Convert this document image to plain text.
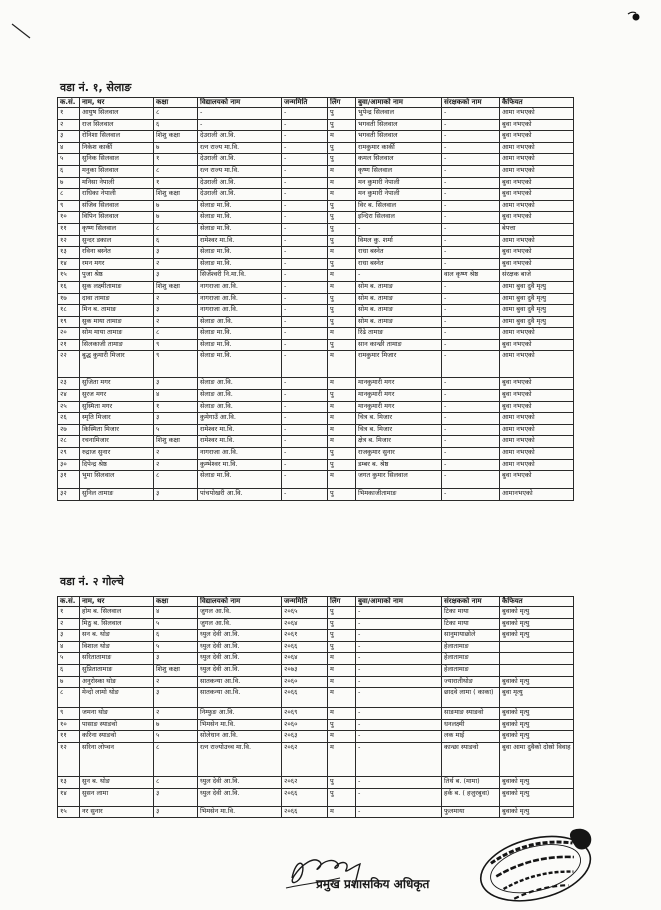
वडा नं. १, सेलाङ
क.सं.	नाम, थर	कक्षा	विद्यालयको नाम	जन्ममिति	लिंग	बुवा/आमाको नाम	संरक्षकको नाम	कैफियत
१	आयुष सिलवाल	८	-	-	पु	भुपेन्द्र सिलवाल	-	आमा नभएको
२	राज सिलवाल	६	-	-	पु	भगवती सिलवाल	-	बुवा नभएको
३	रोनिशा सिलवाल	शिशु कक्षा	देउराली आ.वि.	-	म	भगवती सिलवाल	-	बुवा नभएको
४	निकेश कार्की	७	रत्न राज्य मा.वि.	-	पु	रामकुमार कार्की	-	आमा नभएको
५	सुनिक सिलवाल	१	देउराली आ.वि.	-	पु	कमल सिलवाल	-	आमा नभएको
६	मनुका सिलवाल	८	रत्न राज्य मा.वि.	-	म	कृष्ण सिलवाल	-	आमा नभएको
७	मनिसा नेपाली	१	देउराली आ.वि.	-	म	मन कुमारी नेपाली	-	बुवा नभएको
८	राधिका नेपाली	शिशु कक्षा	देउराली आ.वि.	-	म	मन कुमारी नेपाली	-	बुवा नभएको
९	संजिव सिलवाल	७	सेलाङ मा.वि.	-	पु	विर ब. सिलवाल	-	आमा नभएको
१०	विपिन सिलवाल	७	सेलाङ मा.वि.	-	पु	इन्दिरा सिलवाल	-	बुवा नभएको
११	कृष्ण सिलवाल	८	सेलाङ मा.वि.	-	पु	-	-	बेपत्ता
१२	सुन्दर डकाल	६	रामेश्वर मा.वि.	-	पु	विमल कु. शर्मा	-	आमा नभएको
१३	रविना बस्नेत	३	सेलाङ मा.वि.	-	म	राधा बस्नेत	-	बुवा नभएको
१४	रमन मगर	२	सेलाङ मा.वि.	-	पु	राधा बस्नेत	-	बुवा नभएको
१५	पुजा श्रेष्ठ	३	सिर्जेश्वरी नि.मा.वि.	-	म	-	वाल कृष्ण श्रेष्ठ	संरक्षक बाजे
१६	सुक लक्ष्मीतामाङ	शिशु कक्षा	नागराजा आ.वि.	-	म	सोम ब. तामाङ	-	आमा बुवा दुवै मृत्यु
१७	दावा तामाङ	२	नागराजा आ.वि.	-	पु	सोम ब. तामाङ	-	आमा बुवा दुवै मृत्यु
१८	मिन ब. तामाङ	३	नागराजा आ.वि.	-	पु	सोम ब. तामाङ	-	आमा बुवा दुवै मृत्यु
१९	सुक माया तामाङ	२	सेलाङ आ.वि.	-	पु	सोम ब. तामाङ	-	आमा बुवा दुवै मृत्यु
२०	सोम माया तामाङ	८	सेलाङ मा.वि.	-	म	रिंढे तामाङ	-	आमा नभएको
२१	सिलकाजी तामाङ	९	सेलाङ मा.वि.	-	पु	सान कान्छी तामाङ	-	बुवा नभएको
२२	बुद्ध कुमारी मिजार	९	सेलाङ मा.वि.	-	म	रामकुमार मिजार	-	आमा नभएको
२३	सुजिता मगर	३	सेलाङ आ.वि.	-	म	मानकुमारी मगर	-	बुवा नभएको
२४	सुरज मगर	४	सेलाङ आ.वि.	-	पु	मानकुमारी मगर	-	बुवा नभएको
२५	सुस्मिता मगर	१	सेलाङ आ.वि.	-	म	मानकुमारी मगर	-	बुवा नभएको
२६	स्मृति मिजार	३	कुमेगाउँ आ.वि.	-	म	चित्र ब. मिजार	-	आमा नभएको
२७	किस्मिता मिजार	५	रामेश्वर मा.वि.	-	म	चित्र ब. मिजार	-	आमा नभएको
२८	रचनामिजार	शिशु कक्षा	रामेश्वर मा.वि.	-	म	क्षेत्र ब. मिजार	-	आमा नभएको
२९	रुद्राज सुनार	२	नागराजा आ.वि.	-	पु	राजकुमार सुनार	-	आमा नभएको
३०	दिपेन्द्र श्रेष्ठ	२	कुम्भेश्वर मा.वि.	-	पु	डम्बर ब. श्रेष्ठ	-	आमा नभएको
३१	भुमा सिलवाल	८	सेलाङ मा.वि.	-	म	जगत कुमार सिलवाल	-	बुवा नभएको
३२	सुनिल तामाङ	३	पांचपोखरी आ.वि.	-	पु	भिमकाजीतामाङ	-	आमानभएको
वडा नं. २ गोल्चे
क.सं.	नाम, थर	कक्षा	विद्यालयको नाम	जन्ममिति	लिंग	बुवा/आमाको नाम	संरक्षकको नाम	कैफियत
१	होम ब. सिलवाल	४	जुगल आ.वि.	२०६५	पु	-	टिका माया	बुवाको मृत्यु
२	मिठु ब. सिलवाल	५	जुगल आ.वि.	२०६४	पु	-	टिका माया	बुवाको मृत्यु
३	सन ब. थोङ	६	ध्युल देवी आ.वि.	२०६१	पु	-	सानुमायाछोले	बुवाको मृत्यु
४	विशाल थोङ	५	ध्युल देवी आ.वि.	२०६६	पु	-	हेलातामाङ	
५	सरितातामाङ	३	ध्युल देवी आ.वि.	२०६४	म	-	हेलातामाङ	
६	सुप्रितातामाङ	शिशु कक्षा	ध्युल देवी आ.वि.	२०७३	म	-	हेलातामाङ	
७	अनुरोस्का थोङ	२	सातकन्या आ.वि.	२०६०	म	-	ज्यारातीथोङ	बुवाको मृत्यु
८	मेन्दो लामो थोङ	३	सातकन्या आ.वि.	२०६६	म	-	छादवे लामा ( काका)	बुवा मृत्यु
९	जमना थोङ	२	निम्फुङ आ.वि.	२०६९	म	-	साङमाङ स्याङवो	बुवाको मृत्यु
१०	पासाङ स्याङवो	७	भिमसेन मा.वि.	२०६०	पु	-	धनलक्ष्मी	बुवाको मृत्यु
११	करिना स्याङवो	५	सोलेधान आ.वि.	२०६३	म	-	लक माई	बुवाको मृत्यु
१२	सरिना लोप्चन	८	रत्न राज्योउच्च मा.वि.	२०६२	म	-	कान्छा स्याङवो	बुवा आमा दुवैको दोस्रो विवाह
१३	सुन ब. थोङ	८	ध्युल देवी आ.वि.	२०६२	पु	-	तिर्थ ब. (मामा)	बुवाको मृत्यु
१४	सुसन लामा	३	ध्युल देवी आ.वि.	२०६६	पु	-	हर्क ब. ( हजुरबुवा)	बुवाको मृत्यु
१५	नर सुनार	३	भिमसेन मा.वि.	२०६६	म	-	फुलमाया	बुवाको मृत्यु
प्रमुख प्रशासकिय अधिकृत
